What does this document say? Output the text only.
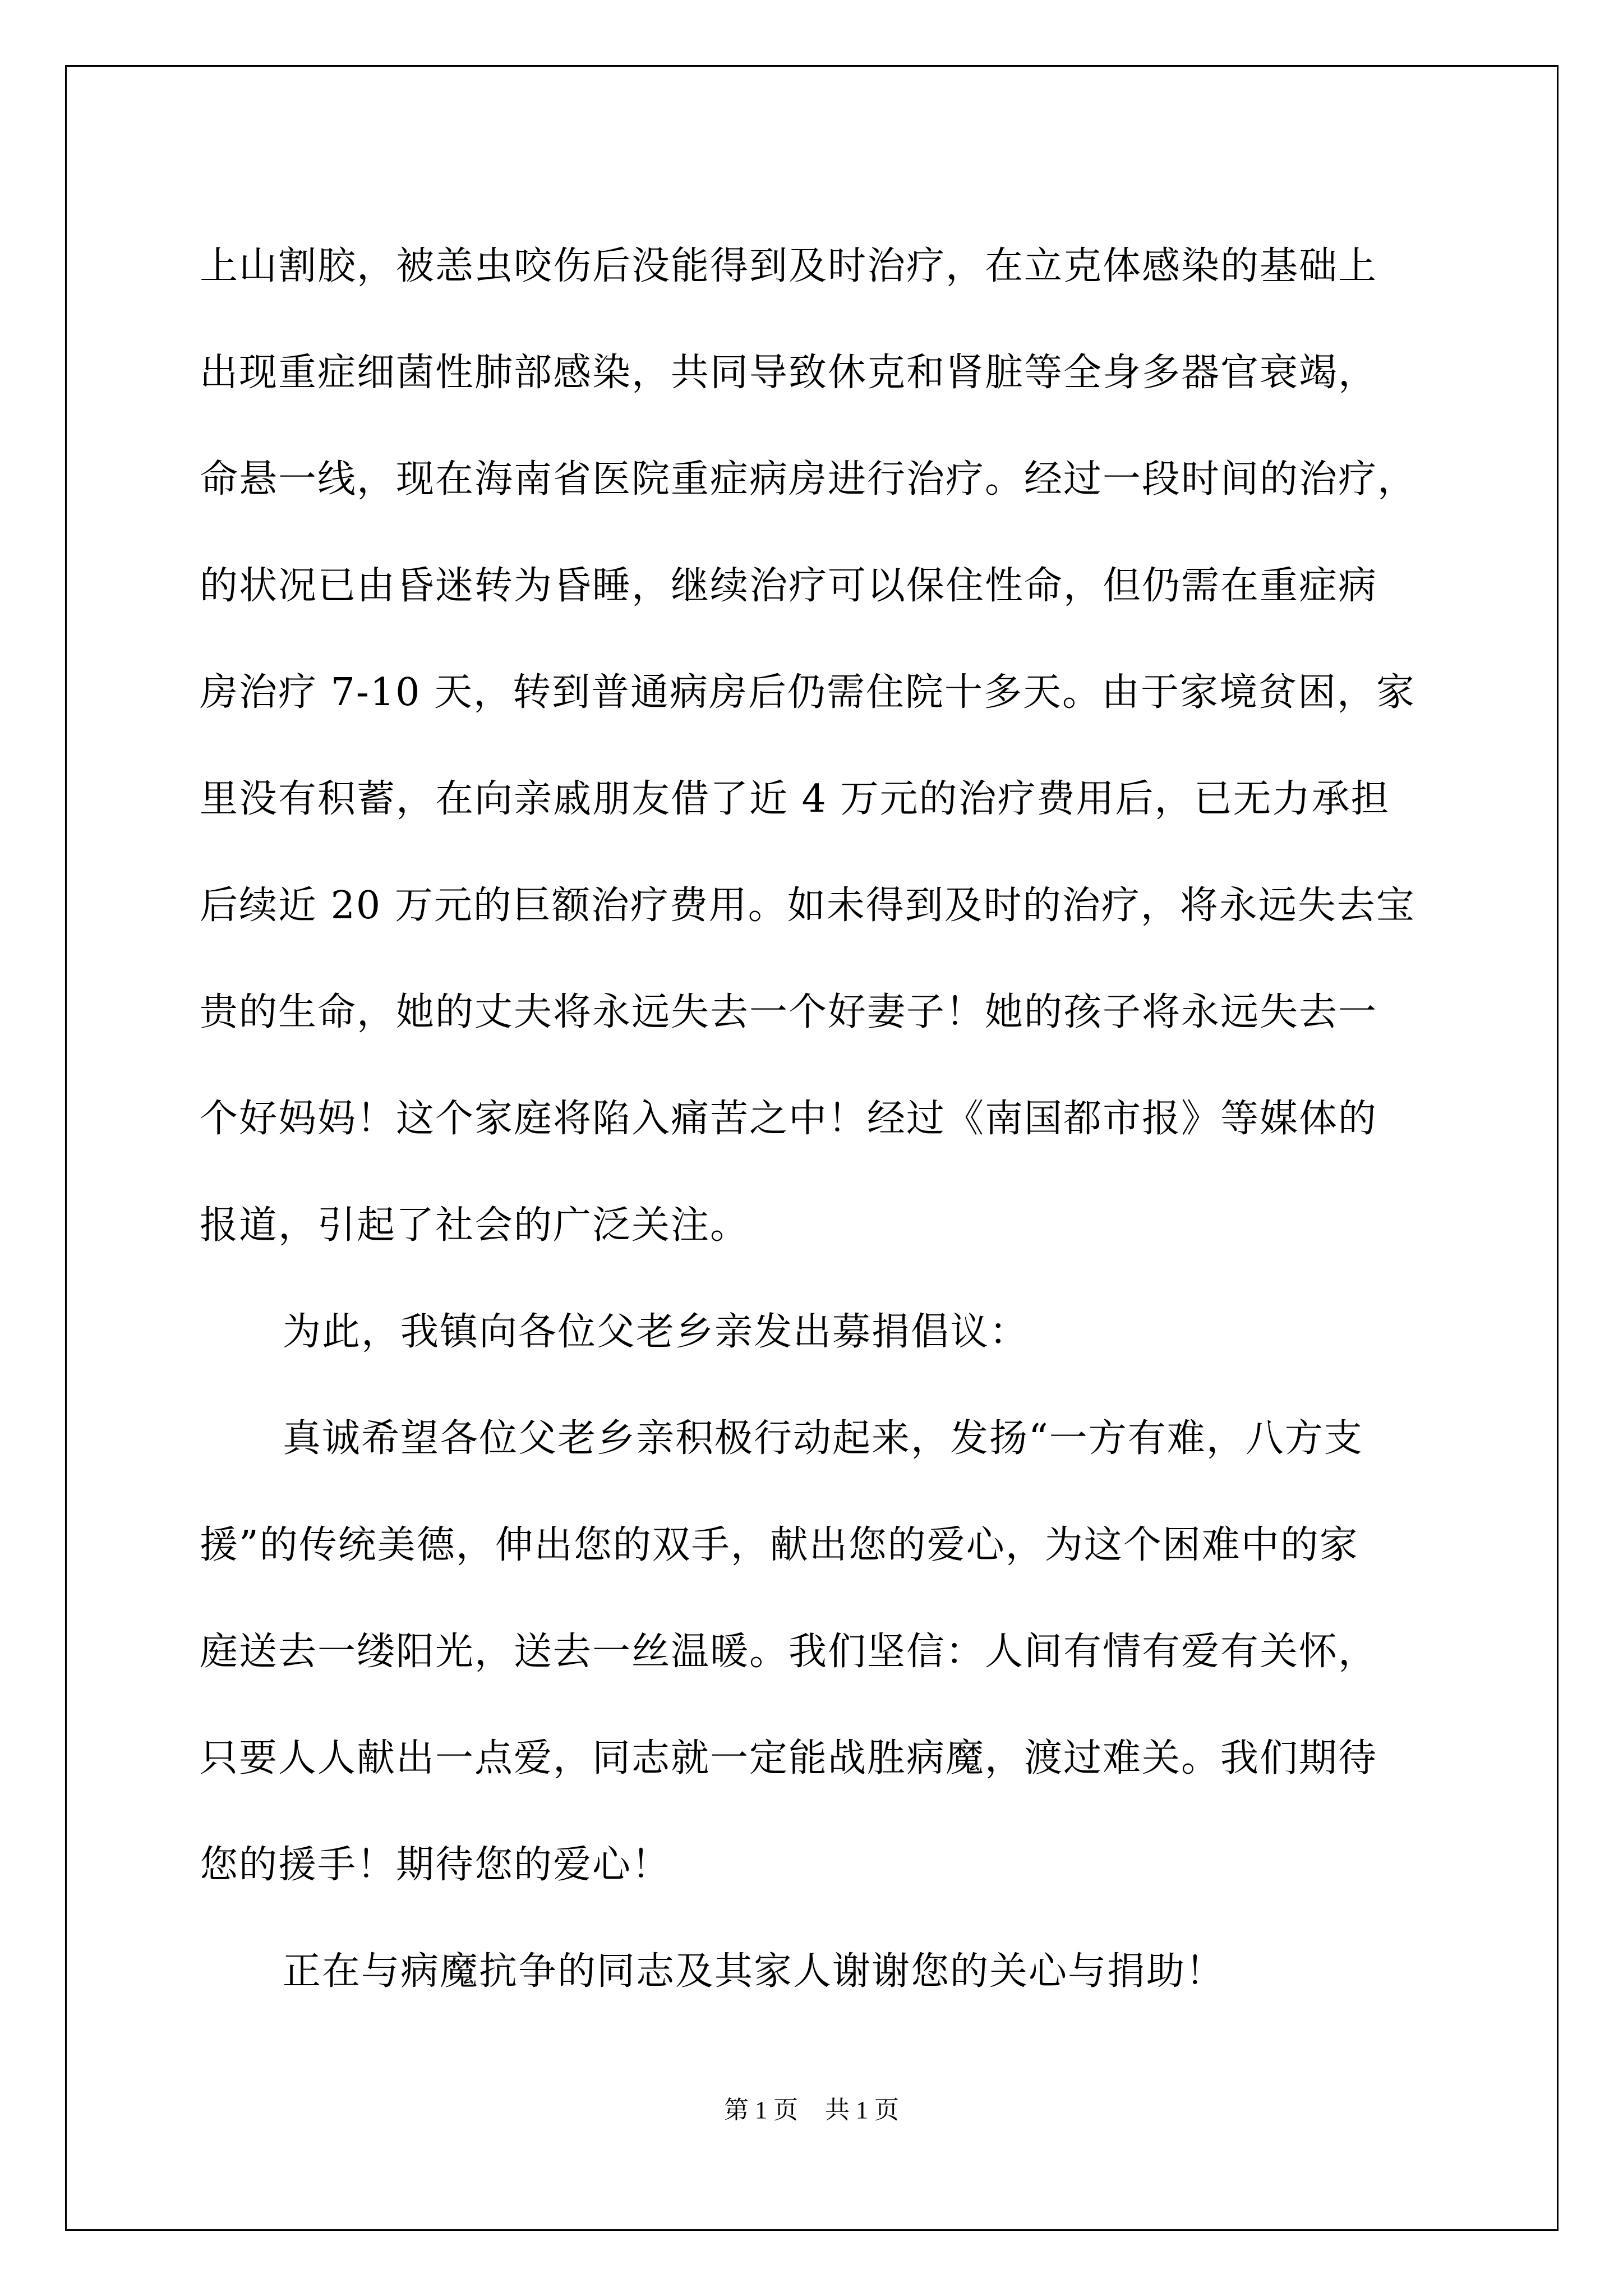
上山割胶，被恙虫咬伤后没能得到及时治疗，在立克体感染的基础上
出现重症细菌性肺部感染，共同导致休克和肾脏等全身多器官衰竭，
命悬一线，现在海南省医院重症病房进行治疗。经过一段时间的治疗，
的状况已由昏迷转为昏睡，继续治疗可以保住性命，但仍需在重症病
房治疗 7-10 天，转到普通病房后仍需住院十多天。由于家境贫困，家
里没有积蓄，在向亲戚朋友借了近 4 万元的治疗费用后，已无力承担
后续近 20 万元的巨额治疗费用。如未得到及时的治疗，将永远失去宝
贵的生命，她的丈夫将永远失去一个好妻子！她的孩子将永远失去一
个好妈妈！这个家庭将陷入痛苦之中！经过《南国都市报》等媒体的
报道，引起了社会的广泛关注。
为此，我镇向各位父老乡亲发出募捐倡议：
真诚希望各位父老乡亲积极行动起来，发扬“一方有难，八方支
援”的传统美德，伸出您的双手，献出您的爱心，为这个困难中的家
庭送去一缕阳光，送去一丝温暖。我们坚信：人间有情有爱有关怀，
只要人人献出一点爱，同志就一定能战胜病魔，渡过难关。我们期待
您的援手！期待您的爱心！
正在与病魔抗争的同志及其家人谢谢您的关心与捐助！
第 1 页 共 1 页
